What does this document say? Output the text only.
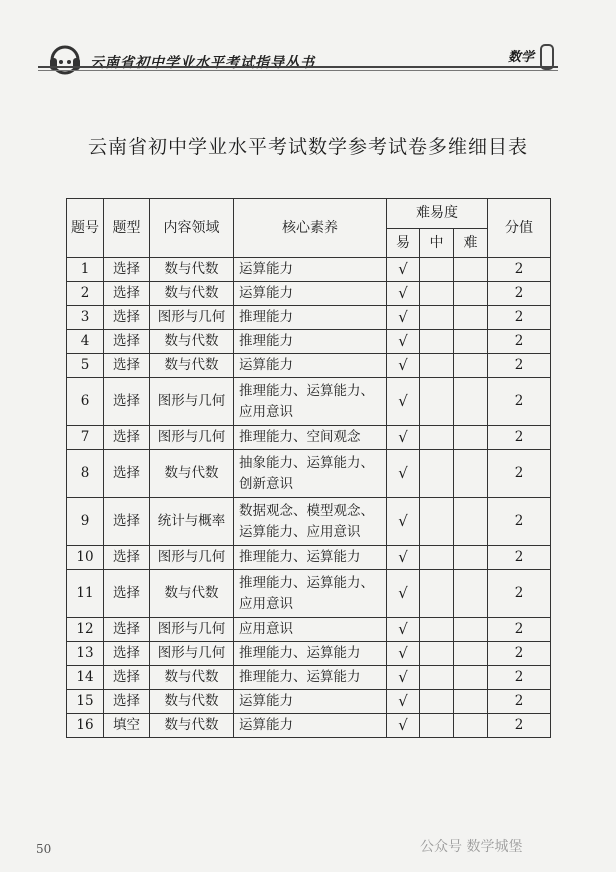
云南省初中学业水平考试指导丛书	数学
云南省初中学业水平考试数学参考试卷多维细目表
题号	题型	内容领域	核心素养	难易度			分值
				易	中	难	
1	选择	数与代数	运算能力	√			2
2	选择	数与代数	运算能力	√			2
3	选择	图形与几何	推理能力	√			2
4	选择	数与代数	推理能力	√			2
5	选择	数与代数	运算能力	√			2
6	选择	图形与几何	推理能力、运算能力、
应用意识	√			2
7	选择	图形与几何	推理能力、空间观念	√			2
8	选择	数与代数	抽象能力、运算能力、
创新意识	√			2
9	选择	统计与概率	数据观念、模型观念、
运算能力、应用意识	√			2
10	选择	图形与几何	推理能力、运算能力	√			2
11	选择	数与代数	推理能力、运算能力、
应用意识	√			2
12	选择	图形与几何	应用意识	√			2
13	选择	图形与几何	推理能力、运算能力	√			2
14	选择	数与代数	推理能力、运算能力	√			2
15	选择	数与代数	运算能力	√			2
16	填空	数与代数	运算能力	√			2
50	公众号 数学城堡
